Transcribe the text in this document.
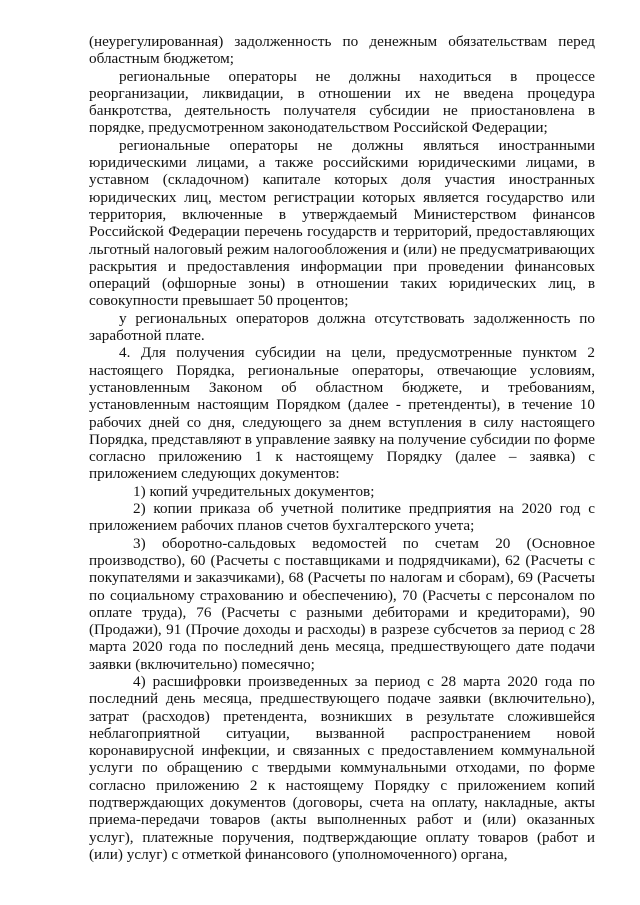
(неурегулированная) задолженность по денежным обязательствам перед областным бюджетом;

региональные операторы не должны находиться в процессе реорганизации, ликвидации, в отношении их не введена процедура банкротства, деятельность получателя субсидии не приостановлена в порядке, предусмотренном законодательством Российской Федерации;

региональные операторы не должны являться иностранными юридическими лицами, а также российскими юридическими лицами, в уставном (складочном) капитале которых доля участия иностранных юридических лиц, местом регистрации которых является государство или территория, включенные в утверждаемый Министерством финансов Российской Федерации перечень государств и территорий, предоставляющих льготный налоговый режим налогообложения и (или) не предусматривающих раскрытия и предоставления информации при проведении финансовых операций (офшорные зоны) в отношении таких юридических лиц, в совокупности превышает 50 процентов;

у региональных операторов должна отсутствовать задолженность по заработной плате.

4. Для получения субсидии на цели, предусмотренные пунктом 2 настоящего Порядка, региональные операторы, отвечающие условиям, установленным Законом об областном бюджете, и требованиям, установленным настоящим Порядком (далее - претенденты), в течение 10 рабочих дней со дня, следующего за днем вступления в силу настоящего Порядка, представляют в управление заявку на получение субсидии по форме согласно приложению 1 к настоящему Порядку (далее – заявка) с приложением следующих документов:

1) копий учредительных документов;

2) копии приказа об учетной политике предприятия на 2020 год с приложением рабочих планов счетов бухгалтерского учета;

3) оборотно-сальдовых ведомостей по счетам 20 (Основное производство), 60 (Расчеты с поставщиками и подрядчиками), 62 (Расчеты с покупателями и заказчиками), 68 (Расчеты по налогам и сборам), 69 (Расчеты по социальному страхованию и обеспечению), 70 (Расчеты с персоналом по оплате труда), 76 (Расчеты с разными дебиторами и кредиторами), 90 (Продажи), 91 (Прочие доходы и расходы) в разрезе субсчетов за период с 28 марта 2020 года по последний день месяца, предшествующего дате подачи заявки (включительно) помесячно;

4) расшифровки произведенных за период с 28 марта 2020 года по последний день месяца, предшествующего подаче заявки (включительно), затрат (расходов) претендента, возникших в результате сложившейся неблагоприятной ситуации, вызванной распространением новой коронавирусной инфекции, и связанных с предоставлением коммунальной услуги по обращению с твердыми коммунальными отходами, по форме согласно приложению 2 к настоящему Порядку с приложением копий подтверждающих документов (договоры, счета на оплату, накладные, акты приема-передачи товаров (акты выполненных работ и (или) оказанных услуг), платежные поручения, подтверждающие оплату товаров (работ и (или) услуг) с отметкой финансового (уполномоченного) органа,
